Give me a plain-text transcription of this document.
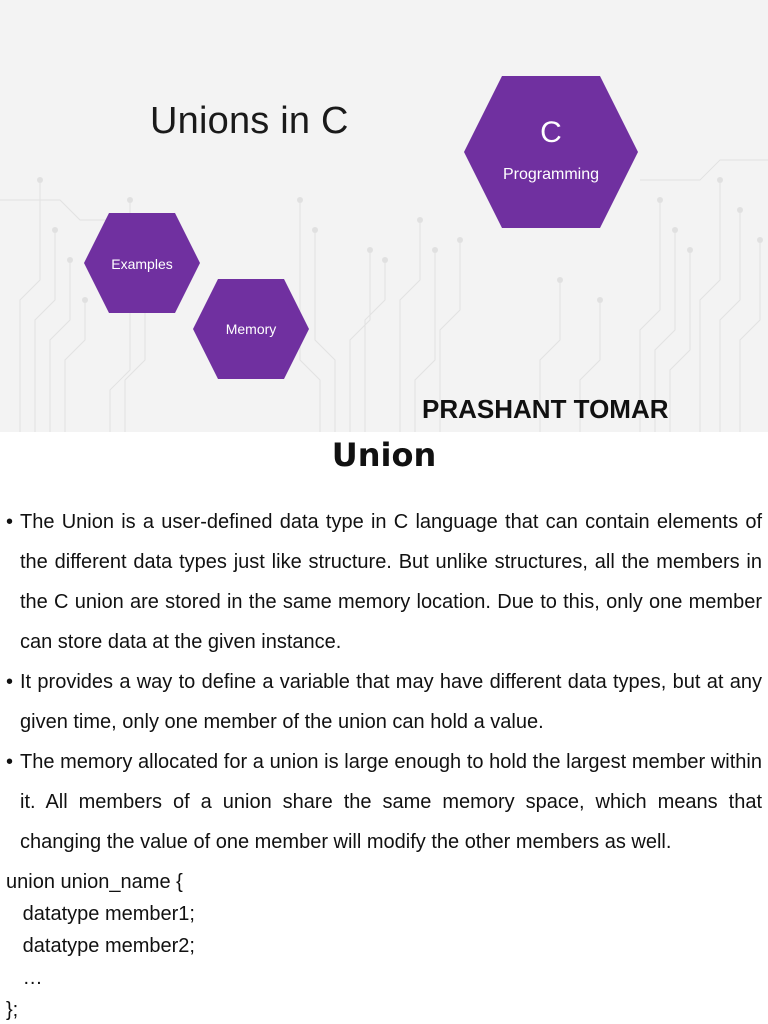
Unions in C	C
Programming
Examples
Memory
PRASHANT TOMAR
Union
• The Union is a user-defined data type in C language that can contain elements of the different data types just like structure. But unlike structures, all the members in the C union are stored in the same memory location. Due to this, only one member can store data at the given instance.
• It provides a way to define a variable that may have different data types, but at any given time, only one member of the union can hold a value.
• The memory allocated for a union is large enough to hold the largest member within it. All members of a union share the same memory space, which means that changing the value of one member will modify the other members as well.
union union_name {
datatype member1;
datatype member2;
…
};
